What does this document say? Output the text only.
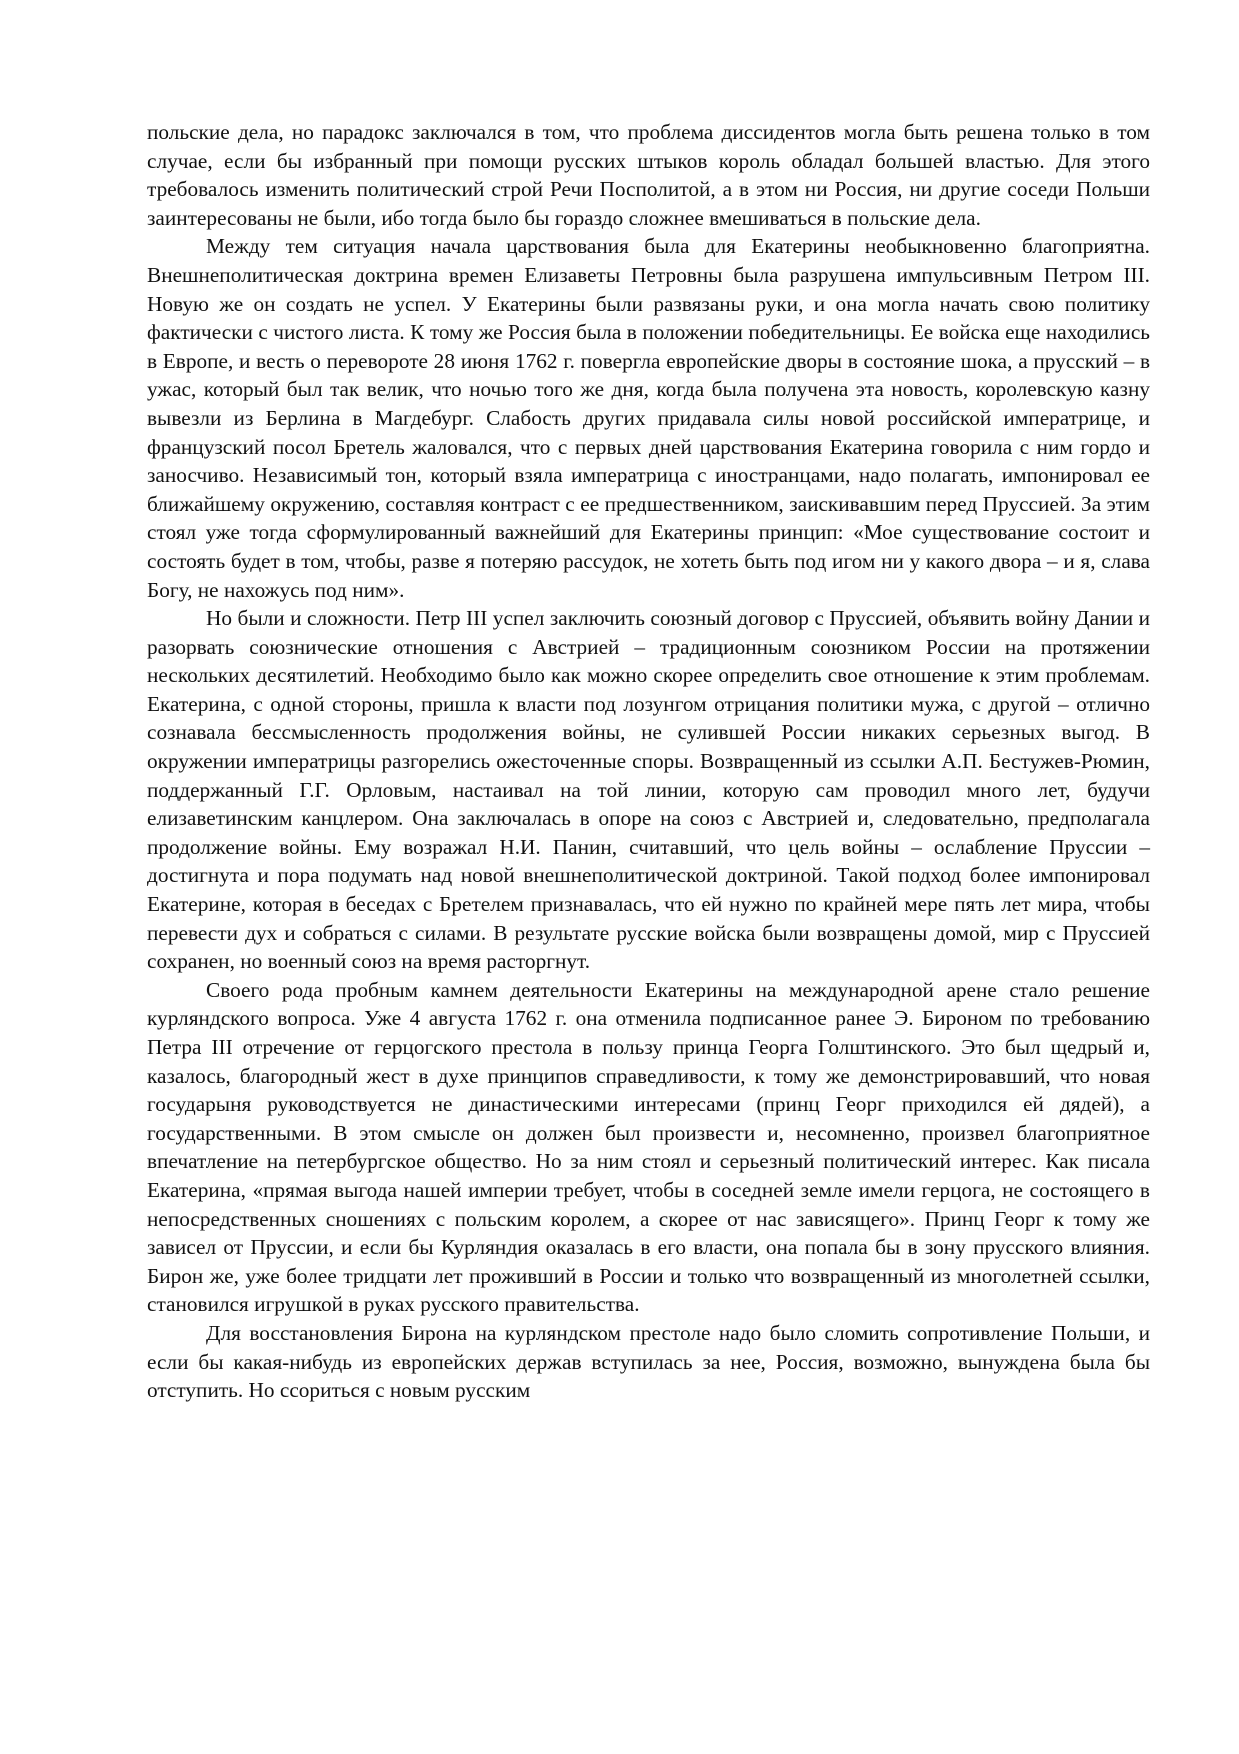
польские дела, но парадокс заключался в том, что проблема диссидентов могла быть решена только в том случае, если бы избранный при помощи русских штыков король обладал большей властью. Для этого требовалось изменить политический строй Речи Посполитой, а в этом ни Россия, ни другие соседи Польши заинтересованы не были, ибо тогда было бы гораздо сложнее вмешиваться в польские дела.

Между тем ситуация начала царствования была для Екатерины необыкновенно благоприятна. Внешнеполитическая доктрина времен Елизаветы Петровны была разрушена импульсивным Петром III. Новую же он создать не успел. У Екатерины были развязаны руки, и она могла начать свою политику фактически с чистого листа. К тому же Россия была в положении победительницы. Ее войска еще находились в Европе, и весть о перевороте 28 июня 1762 г. повергла европейские дворы в состояние шока, а прусский – в ужас, который был так велик, что ночью того же дня, когда была получена эта новость, королевскую казну вывезли из Берлина в Магдебург. Слабость других придавала силы новой российской императрице, и французский посол Бретель жаловался, что с первых дней царствования Екатерина говорила с ним гордо и заносчиво. Независимый тон, который взяла императрица с иностранцами, надо полагать, импонировал ее ближайшему окружению, составляя контраст с ее предшественником, заискивавшим перед Пруссией. За этим стоял уже тогда сформулированный важнейший для Екатерины принцип: «Мое существование состоит и состоять будет в том, чтобы, разве я потеряю рассудок, не хотеть быть под игом ни у какого двора – и я, слава Богу, не нахожусь под ним».

Но были и сложности. Петр III успел заключить союзный договор с Пруссией, объявить войну Дании и разорвать союзнические отношения с Австрией – традиционным союзником России на протяжении нескольких десятилетий. Необходимо было как можно скорее определить свое отношение к этим проблемам. Екатерина, с одной стороны, пришла к власти под лозунгом отрицания политики мужа, с другой – отлично сознавала бессмысленность продолжения войны, не сулившей России никаких серьезных выгод. В окружении императрицы разгорелись ожесточенные споры. Возвращенный из ссылки А.П. Бестужев-Рюмин, поддержанный Г.Г. Орловым, настаивал на той линии, которую сам проводил много лет, будучи елизаветинским канцлером. Она заключалась в опоре на союз с Австрией и, следовательно, предполагала продолжение войны. Ему возражал Н.И. Панин, считавший, что цель войны – ослабление Пруссии – достигнута и пора подумать над новой внешнеполитической доктриной. Такой подход более импонировал Екатерине, которая в беседах с Бретелем признавалась, что ей нужно по крайней мере пять лет мира, чтобы перевести дух и собраться с силами. В результате русские войска были возвращены домой, мир с Пруссией сохранен, но военный союз на время расторгнут.

Своего рода пробным камнем деятельности Екатерины на международной арене стало решение курляндского вопроса. Уже 4 августа 1762 г. она отменила подписанное ранее Э. Бироном по требованию Петра III отречение от герцогского престола в пользу принца Георга Голштинского. Это был щедрый и, казалось, благородный жест в духе принципов справедливости, к тому же демонстрировавший, что новая государыня руководствуется не династическими интересами (принц Георг приходился ей дядей), а государственными. В этом смысле он должен был произвести и, несомненно, произвел благоприятное впечатление на петербургское общество. Но за ним стоял и серьезный политический интерес. Как писала Екатерина, «прямая выгода нашей империи требует, чтобы в соседней земле имели герцога, не состоящего в непосредственных сношениях с польским королем, а скорее от нас зависящего». Принц Георг к тому же зависел от Пруссии, и если бы Курляндия оказалась в его власти, она попала бы в зону прусского влияния. Бирон же, уже более тридцати лет проживший в России и только что возвращенный из многолетней ссылки, становился игрушкой в руках русского правительства.

Для восстановления Бирона на курляндском престоле надо было сломить сопротивление Польши, и если бы какая-нибудь из европейских держав вступилась за нее, Россия, возможно, вынуждена была бы отступить. Но ссориться с новым русским
